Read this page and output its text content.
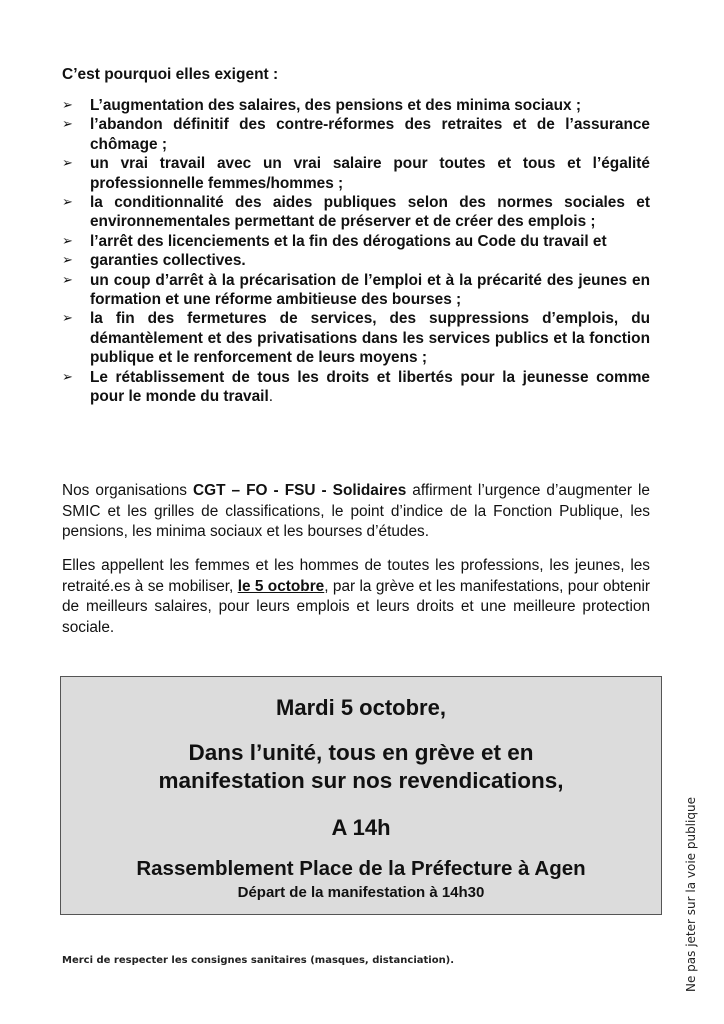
C’est pourquoi elles exigent :
➢	L’augmentation des salaires, des pensions et des minima sociaux ;
➢	l’abandon définitif des contre-réformes des retraites et de l’assurance chômage ;
➢	un vrai travail avec un vrai salaire pour toutes et tous et l’égalité professionnelle femmes/hommes ;
➢	la conditionnalité des aides publiques selon des normes sociales et environnementales permettant de préserver et de créer des emplois ;
➢	l’arrêt des licenciements et la fin des dérogations au Code du travail et
➢	garanties collectives.
➢	un coup d’arrêt à la précarisation de l’emploi et à la précarité des jeunes en formation et une réforme ambitieuse des bourses ;
➢	la fin des fermetures de services, des suppressions d’emplois, du démantèlement et des privatisations dans les services publics et la fonction publique et le renforcement de leurs moyens ;
➢	Le rétablissement de tous les droits et libertés pour la jeunesse comme pour le monde du travail.
Nos organisations CGT – FO - FSU - Solidaires affirment l’urgence d’augmenter le SMIC et les grilles de classifications, le point d’indice de la Fonction Publique, les pensions, les minima sociaux et les bourses d’études.
Elles appellent les femmes et les hommes de toutes les professions, les jeunes, les retraité.es à se mobiliser, le 5 octobre, par la grève et les manifestations, pour obtenir de meilleurs salaires, pour leurs emplois et leurs droits et une meilleure protection sociale.
Mardi 5 octobre,
Dans l’unité, tous en grève et en
manifestation sur nos revendications,
A 14h
Rassemblement Place de la Préfecture à Agen
Départ de la manifestation à 14h30
Merci de respecter les consignes sanitaires (masques, distanciation).	Ne pas jeter sur la voie publique
